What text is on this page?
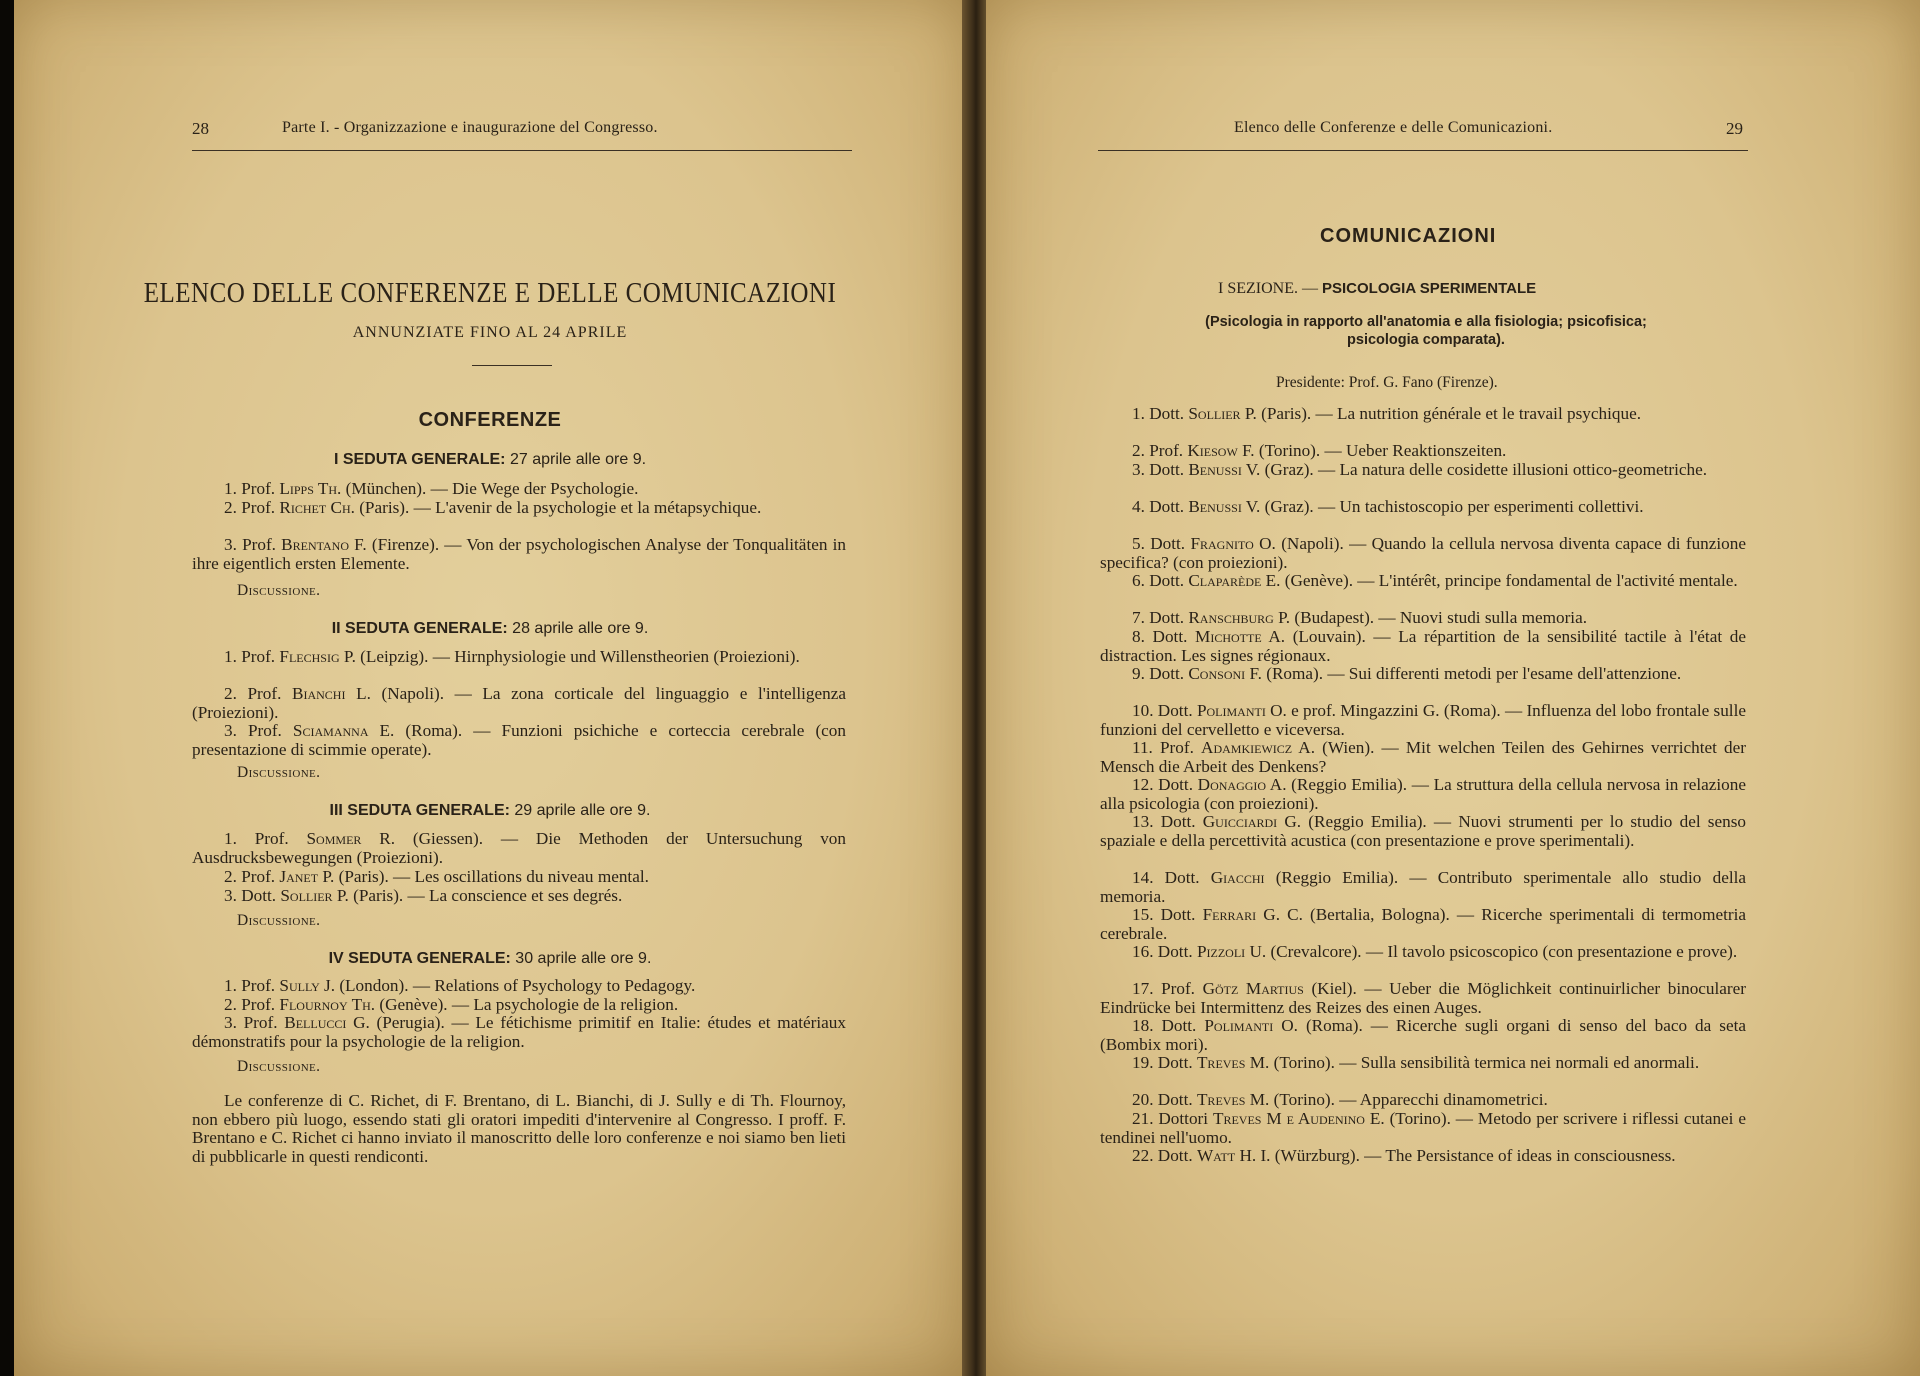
28	Parte I. - Organizzazione e inaugurazione del Congresso.
ELENCO DELLE CONFERENZE E DELLE COMUNICAZIONI
ANNUNZIATE FINO AL 24 APRILE
CONFERENZE
I SEDUTA GENERALE: 27 aprile alle ore 9.
1. Prof. Lipps Th. (München). — Die Wege der Psychologie.
2. Prof. Richet Ch. (Paris). — L'avenir de la psychologie et la métapsychique.
3. Prof. Brentano F. (Firenze). — Von der psychologischen Analyse der Tonqualitäten in ihre eigentlich ersten Elemente.
Discussione.
II SEDUTA GENERALE: 28 aprile alle ore 9.
1. Prof. Flechsig P. (Leipzig). — Hirnphysiologie und Willenstheorien (Proiezioni).
2. Prof. Bianchi L. (Napoli). — La zona corticale del linguaggio e l'intelligenza (Proiezioni).
3. Prof. Sciamanna E. (Roma). — Funzioni psichiche e corteccia cerebrale (con presentazione di scimmie operate).
Discussione.
III SEDUTA GENERALE: 29 aprile alle ore 9.
1. Prof. Sommer R. (Giessen). — Die Methoden der Untersuchung von Ausdrucksbewegungen (Proiezioni).
2. Prof. Janet P. (Paris). — Les oscillations du niveau mental.
3. Dott. Sollier P. (Paris). — La conscience et ses degrés.
Discussione.
IV SEDUTA GENERALE: 30 aprile alle ore 9.
1. Prof. Sully J. (London). — Relations of Psychology to Pedagogy.
2. Prof. Flournoy Th. (Genève). — La psychologie de la religion.
3. Prof. Bellucci G. (Perugia). — Le fétichisme primitif en Italie: études et matériaux démonstratifs pour la psychologie de la religion.
Discussione.
Le conferenze di C. Richet, di F. Brentano, di L. Bianchi, di J. Sully e di Th. Flournoy, non ebbero più luogo, essendo stati gli oratori impediti d'intervenire al Congresso. I proff. F. Brentano e C. Richet ci hanno inviato il manoscritto delle loro conferenze e noi siamo ben lieti di pubblicarle in questi rendiconti.
Elenco delle Conferenze e delle Comunicazioni.	29
COMUNICAZIONI
I SEZIONE. — PSICOLOGIA SPERIMENTALE
(Psicologia in rapporto all'anatomia e alla fisiologia; psicofisica;
psicologia comparata).
Presidente: Prof. G. Fano (Firenze).
1. Dott. Sollier P. (Paris). — La nutrition générale et le travail psychique.
2. Prof. Kiesow F. (Torino). — Ueber Reaktionszeiten.
3. Dott. Benussi V. (Graz). — La natura delle cosidette illusioni ottico-geometriche.
4. Dott. Benussi V. (Graz). — Un tachistoscopio per esperimenti collettivi.
5. Dott. Fragnito O. (Napoli). — Quando la cellula nervosa diventa capace di funzione specifica? (con proiezioni).
6. Dott. Claparède E. (Genève). — L'intérêt, principe fondamental de l'activité mentale.
7. Dott. Ranschburg P. (Budapest). — Nuovi studi sulla memoria.
8. Dott. Michotte A. (Louvain). — La répartition de la sensibilité tactile à l'état de distraction. Les signes régionaux.
9. Dott. Consoni F. (Roma). — Sui differenti metodi per l'esame dell'attenzione.
10. Dott. Polimanti O. e prof. Mingazzini G. (Roma). — Influenza del lobo frontale sulle funzioni del cervelletto e viceversa.
11. Prof. Adamkiewicz A. (Wien). — Mit welchen Teilen des Gehirnes verrichtet der Mensch die Arbeit des Denkens?
12. Dott. Donaggio A. (Reggio Emilia). — La struttura della cellula nervosa in relazione alla psicologia (con proiezioni).
13. Dott. Guicciardi G. (Reggio Emilia). — Nuovi strumenti per lo studio del senso spaziale e della percettività acustica (con presentazione e prove sperimentali).
14. Dott. Giacchi (Reggio Emilia). — Contributo sperimentale allo studio della memoria.
15. Dott. Ferrari G. C. (Bertalia, Bologna). — Ricerche sperimentali di termometria cerebrale.
16. Dott. Pizzoli U. (Crevalcore). — Il tavolo psicoscopico (con presentazione e prove).
17. Prof. Götz Martius (Kiel). — Ueber die Möglichkeit continuirlicher binocularer Eindrücke bei Intermittenz des Reizes des einen Auges.
18. Dott. Polimanti O. (Roma). — Ricerche sugli organi di senso del baco da seta (Bombix mori).
19. Dott. Treves M. (Torino). — Sulla sensibilità termica nei normali ed anormali.
20. Dott. Treves M. (Torino). — Apparecchi dinamometrici.
21. Dottori Treves M e Audenino E. (Torino). — Metodo per scrivere i riflessi cutanei e tendinei nell'uomo.
22. Dott. Watt H. I. (Würzburg). — The Persistance of ideas in consciousness.
